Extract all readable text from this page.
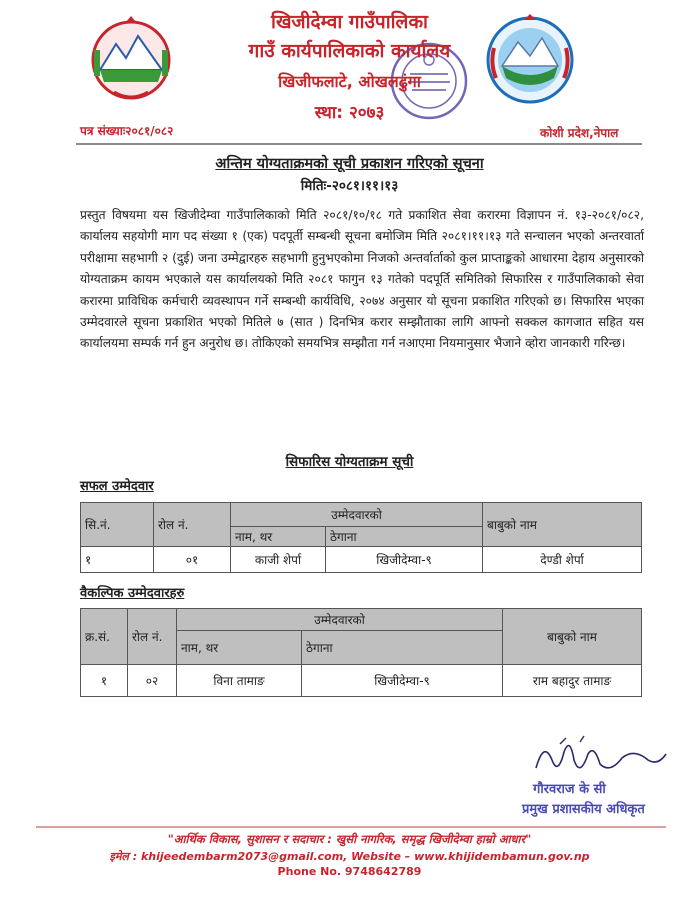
खिजीदेम्वा गाउँपालिका
गाउँ कार्यपालिकाको कार्यालय
खिजीफलाटे, ओखलढुंगा
स्था: २०७३
पत्र संख्याः२०८१/०८२	कोशी प्रदेश,नेपाल
अन्तिम योग्यताक्रमको सूची प्रकाशन गरिएको सूचना
मितिः-२०८१।११।१३
प्रस्तुत विषयमा यस खिजीदेम्वा गाउँपालिकाको मिति २०८१/१०/१८ गते प्रकाशित सेवा करारमा विज्ञापन नं. १३-२०८१/०८२, कार्यालय सहयोगी माग पद संख्या १ (एक) पदपूर्ती सम्बन्धी सूचना बमोजिम मिति २०८१।११।१३ गते सन्चालन भएको अन्तरवार्ता परीक्षामा सहभागी २ (दुई) जना उम्मेद्वारहरु सहभागी हुनुभएकोमा निजको अन्तर्वार्ताको कुल प्राप्ताङ्कको आधारमा देहाय अनुसारको योग्यताक्रम कायम भएकाले यस कार्यालयको मिति २०८१ फागुन १३ गतेको पदपूर्ति समितिको सिफारिस र गाउँपालिकाको सेवा करारमा प्राविधिक कर्मचारी व्यवस्थापन गर्ने सम्बन्धी कार्यविधि, २०७४ अनुसार यो सूचना प्रकाशित गरिएको छ। सिफारिस भएका उम्मेदवारले सूचना प्रकाशित भएको मितिले ७ (सात ) दिनभित्र करार सम्झौताका लागि आफ्नो सक्कल कागजात सहित यस कार्यालयमा सम्पर्क गर्न हुन अनुरोध छ। तोकिएको समयभित्र सम्झौता गर्न नआएमा नियमानुसार भैजाने व्होरा जानकारी गरिन्छ।
सिफारिस योग्यताक्रम सूची
सफल उम्मेदवार
सि.नं.	रोल नं.	उम्मेदवारको		बाबुको नाम
		नाम, थर	ठेगाना	
१	०१	काजी शेर्पा	खिजीदेम्वा-९	देण्डी शेर्पा
वैकल्पिक उम्मेदवारहरु
क्र.सं.	रोल नं.	उम्मेदवारको		बाबुको नाम
		नाम, थर	ठेगाना	
१	०२	विना तामाङ	खिजीदेम्वा-९	राम बहादुर तामाङ
गौरवराज के सी
प्रमुख प्रशासकीय अधिकृत
"आर्थिक विकास, सुशासन र सदाचार : खुसी नागरिक, समृद्ध खिजीदेम्वा हाम्रो आधार"
इमेल : khijeedembarm2073@gmail.com, Website – www.khijidembamun.gov.np
Phone No. 9748642789
